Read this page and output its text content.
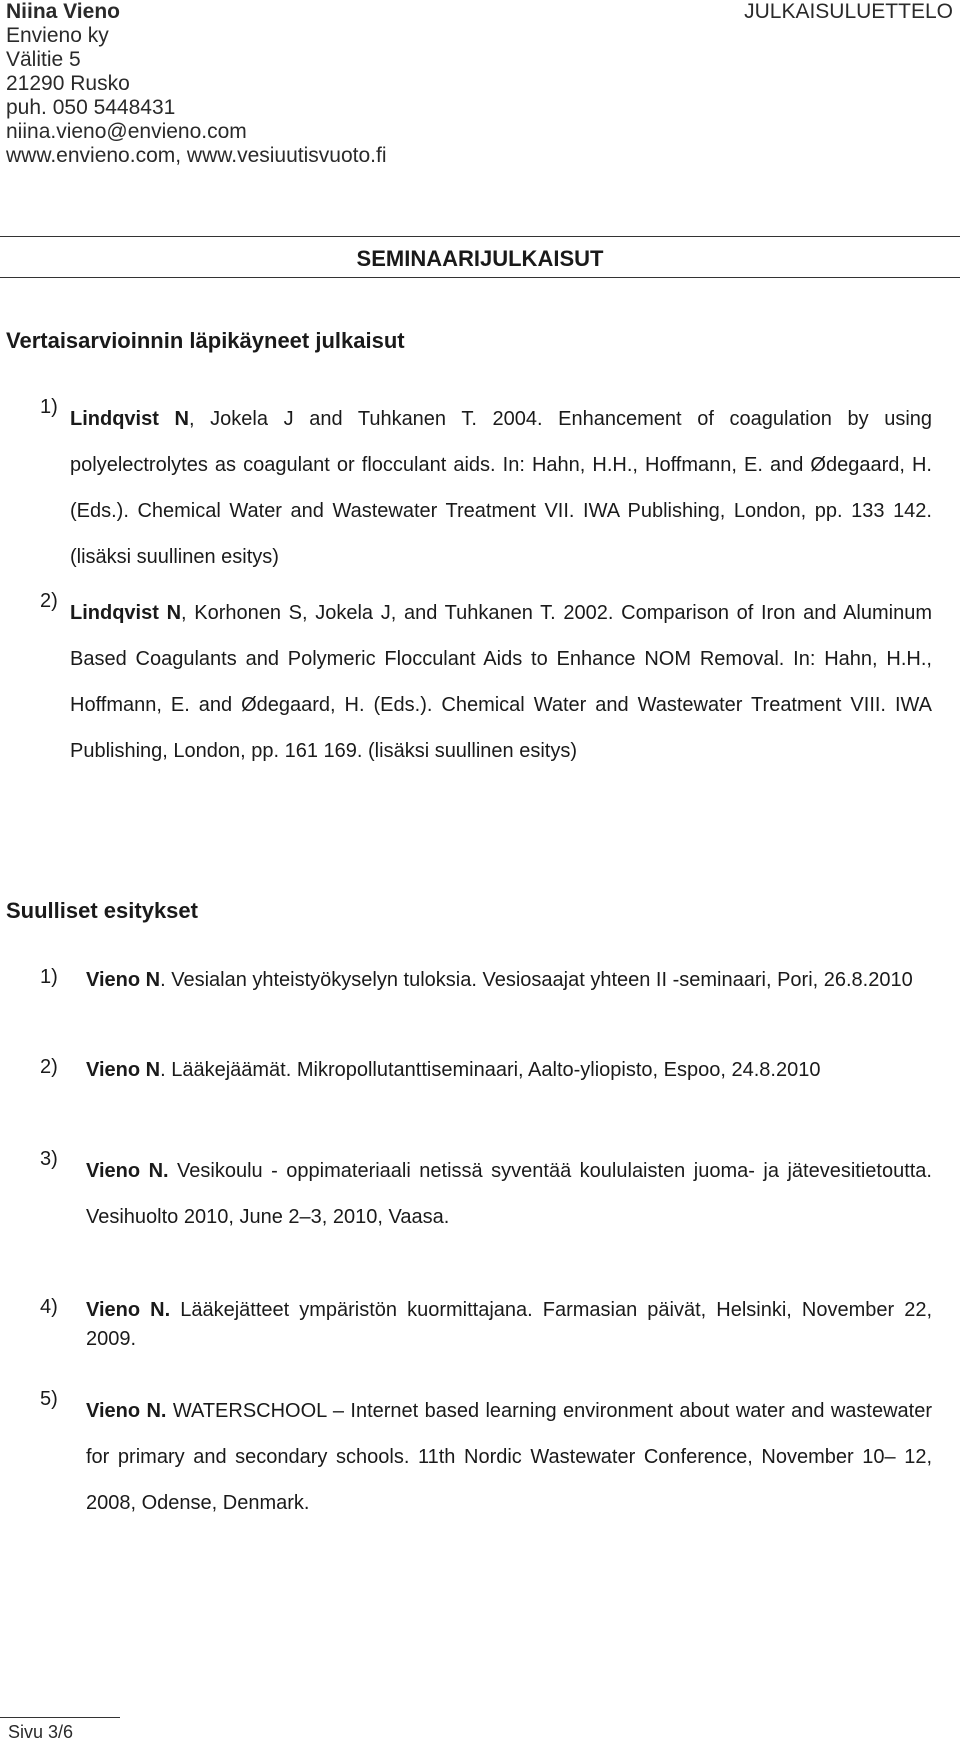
Niina Vieno
Envieno ky
Välitie 5
21290 Rusko
puh. 050 5448431
niina.vieno@envieno.com
www.envieno.com, www.vesiuutisvuoto.fi
JULKAISULUETTELO
SEMINAARIJULKAISUT
Vertaisarvioinnin läpikäyneet julkaisut
1)
Lindqvist N, Jokela J and Tuhkanen T. 2004. Enhancement of coagulation by using polyelectrolytes as coagulant or flocculant aids. In: Hahn, H.H., Hoffmann, E. and Ødegaard, H. (Eds.). Chemical Water and Wastewater Treatment VII. IWA Publishing, London, pp. 133 142. (lisäksi suullinen esitys)
2)
Lindqvist N, Korhonen S, Jokela J, and Tuhkanen T. 2002. Comparison of Iron and Aluminum Based Coagulants and Polymeric Flocculant Aids to Enhance NOM Removal. In: Hahn, H.H., Hoffmann, E. and Ødegaard, H. (Eds.). Chemical Water and Wastewater Treatment VIII. IWA Publishing, London, pp. 161 169. (lisäksi suullinen esitys)
Suulliset esitykset
1) Vieno N. Vesialan yhteistyökyselyn tuloksia. Vesiosaajat yhteen II -seminaari, Pori, 26.8.2010
2) Vieno N. Lääkejäämät. Mikropollutanttiseminaari, Aalto-yliopisto, Espoo, 24.8.2010
3)
Vieno N. Vesikoulu - oppimateriaali netissä syventää koululaisten juoma- ja jätevesitietoutta. Vesihuolto 2010, June 2–3, 2010, Vaasa.
4) Vieno N. Lääkejätteet ympäristön kuormittajana. Farmasian päivät, Helsinki, November 22, 2009.
5)
Vieno N. WATERSCHOOL – Internet based learning environment about water and wastewater for primary and secondary schools. 11th Nordic Wastewater Conference, November 10– 12, 2008, Odense, Denmark.
Sivu 3/6
